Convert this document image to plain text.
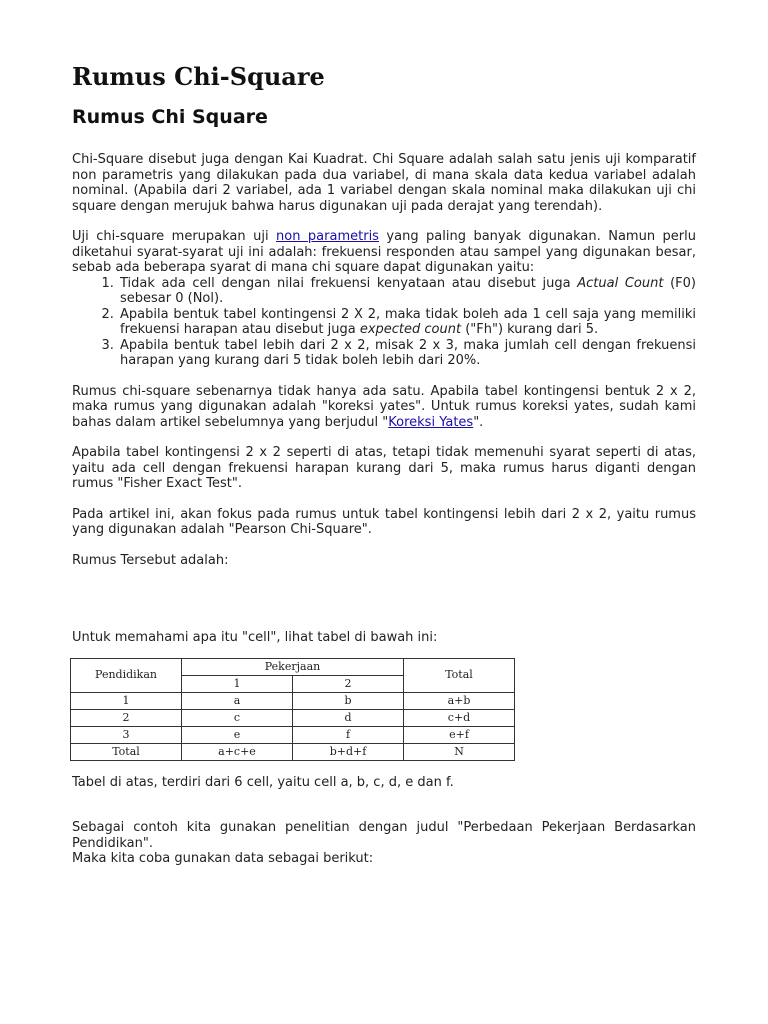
Rumus Chi-Square
Rumus Chi Square

Chi-Square disebut juga dengan Kai Kuadrat. Chi Square adalah salah satu jenis uji komparatif non parametris yang dilakukan pada dua variabel, di mana skala data kedua variabel adalah nominal. (Apabila dari 2 variabel, ada 1 variabel dengan skala nominal maka dilakukan uji chi square dengan merujuk bahwa harus digunakan uji pada derajat yang terendah).

Uji chi-square merupakan uji non parametris yang paling banyak digunakan. Namun perlu diketahui syarat-syarat uji ini adalah: frekuensi responden atau sampel yang digunakan besar, sebab ada beberapa syarat di mana chi square dapat digunakan yaitu:

1. Tidak ada cell dengan nilai frekuensi kenyataan atau disebut juga Actual Count (F0) sebesar 0 (Nol).
2. Apabila bentuk tabel kontingensi 2 X 2, maka tidak boleh ada 1 cell saja yang memiliki frekuensi harapan atau disebut juga expected count ("Fh") kurang dari 5.
3. Apabila bentuk tabel lebih dari 2 x 2, misak 2 x 3, maka jumlah cell dengan frekuensi harapan yang kurang dari 5 tidak boleh lebih dari 20%.

Rumus chi-square sebenarnya tidak hanya ada satu. Apabila tabel kontingensi bentuk 2 x 2, maka rumus yang digunakan adalah "koreksi yates". Untuk rumus koreksi yates, sudah kami bahas dalam artikel sebelumnya yang berjudul "Koreksi Yates".

Apabila tabel kontingensi 2 x 2 seperti di atas, tetapi tidak memenuhi syarat seperti di atas, yaitu ada cell dengan frekuensi harapan kurang dari 5, maka rumus harus diganti dengan rumus "Fisher Exact Test".

Pada artikel ini, akan fokus pada rumus untuk tabel kontingensi lebih dari 2 x 2, yaitu rumus yang digunakan adalah "Pearson Chi-Square".

Rumus Tersebut adalah:

Untuk memahami apa itu "cell", lihat tabel di bawah ini:

Pendidikan	Pekerjaan		Total
	1	2	
1	a	b	a+b
2	c	d	c+d
3	e	f	e+f
Total	a+c+e	b+d+f	N

Tabel di atas, terdiri dari 6 cell, yaitu cell a, b, c, d, e dan f.

Sebagai contoh kita gunakan penelitian dengan judul "Perbedaan Pekerjaan Berdasarkan Pendidikan".

Maka kita coba gunakan data sebagai berikut:
